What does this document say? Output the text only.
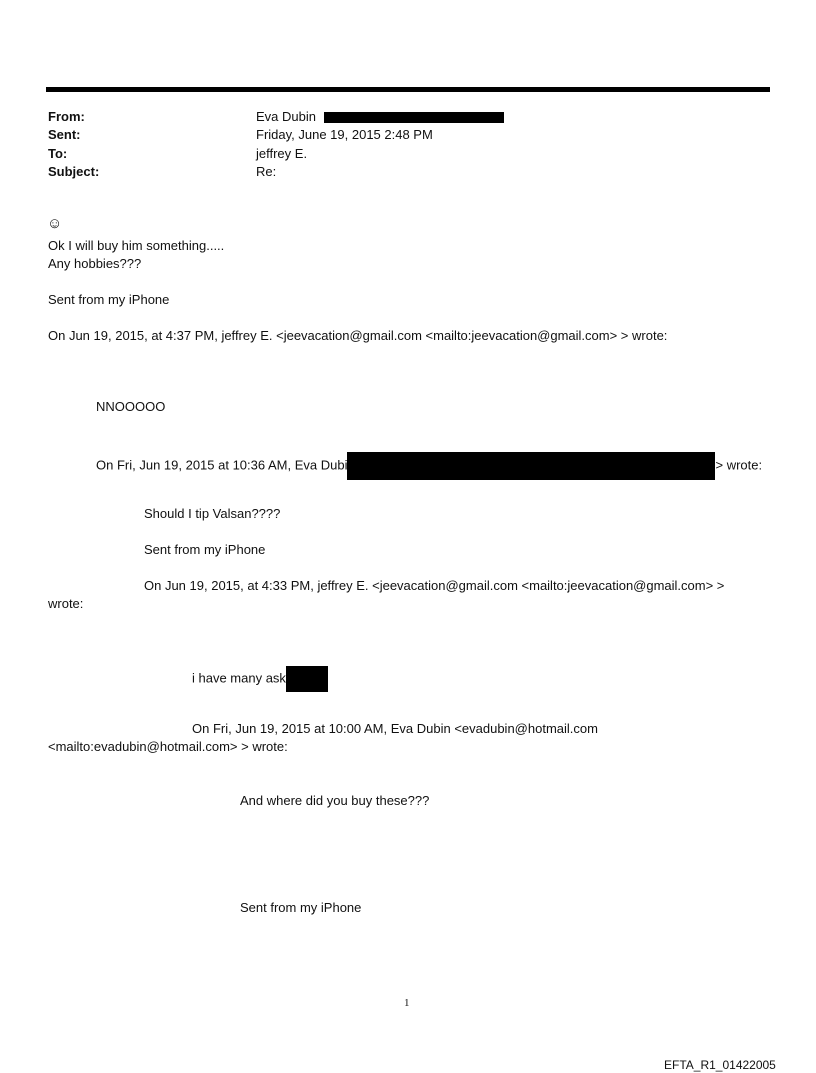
From:	Eva Dubin
Sent:	Friday, June 19, 2015 2:48 PM
To:	jeffrey E.
Subject:	Re:
☺
Ok I will buy him something.....
Any hobbies???
Sent from my iPhone
On Jun 19, 2015, at 4:37 PM, jeffrey E. <jeevacation@gmail.com <mailto:jeevacation@gmail.com> > wrote:
NNOOOOO
On Fri, Jun 19, 2015 at 10:36 AM, Eva Dubi	> wrote:
Should I tip Valsan????
Sent from my iPhone
On Jun 19, 2015, at 4:33 PM, jeffrey E. <jeevacation@gmail.com <mailto:jeevacation@gmail.com> >
wrote:
i have many ask
On Fri, Jun 19, 2015 at 10:00 AM, Eva Dubin <evadubin@hotmail.com
<mailto:evadubin@hotmail.com> > wrote:
And where did you buy these???
Sent from my iPhone
1
EFTA_R1_01422005
